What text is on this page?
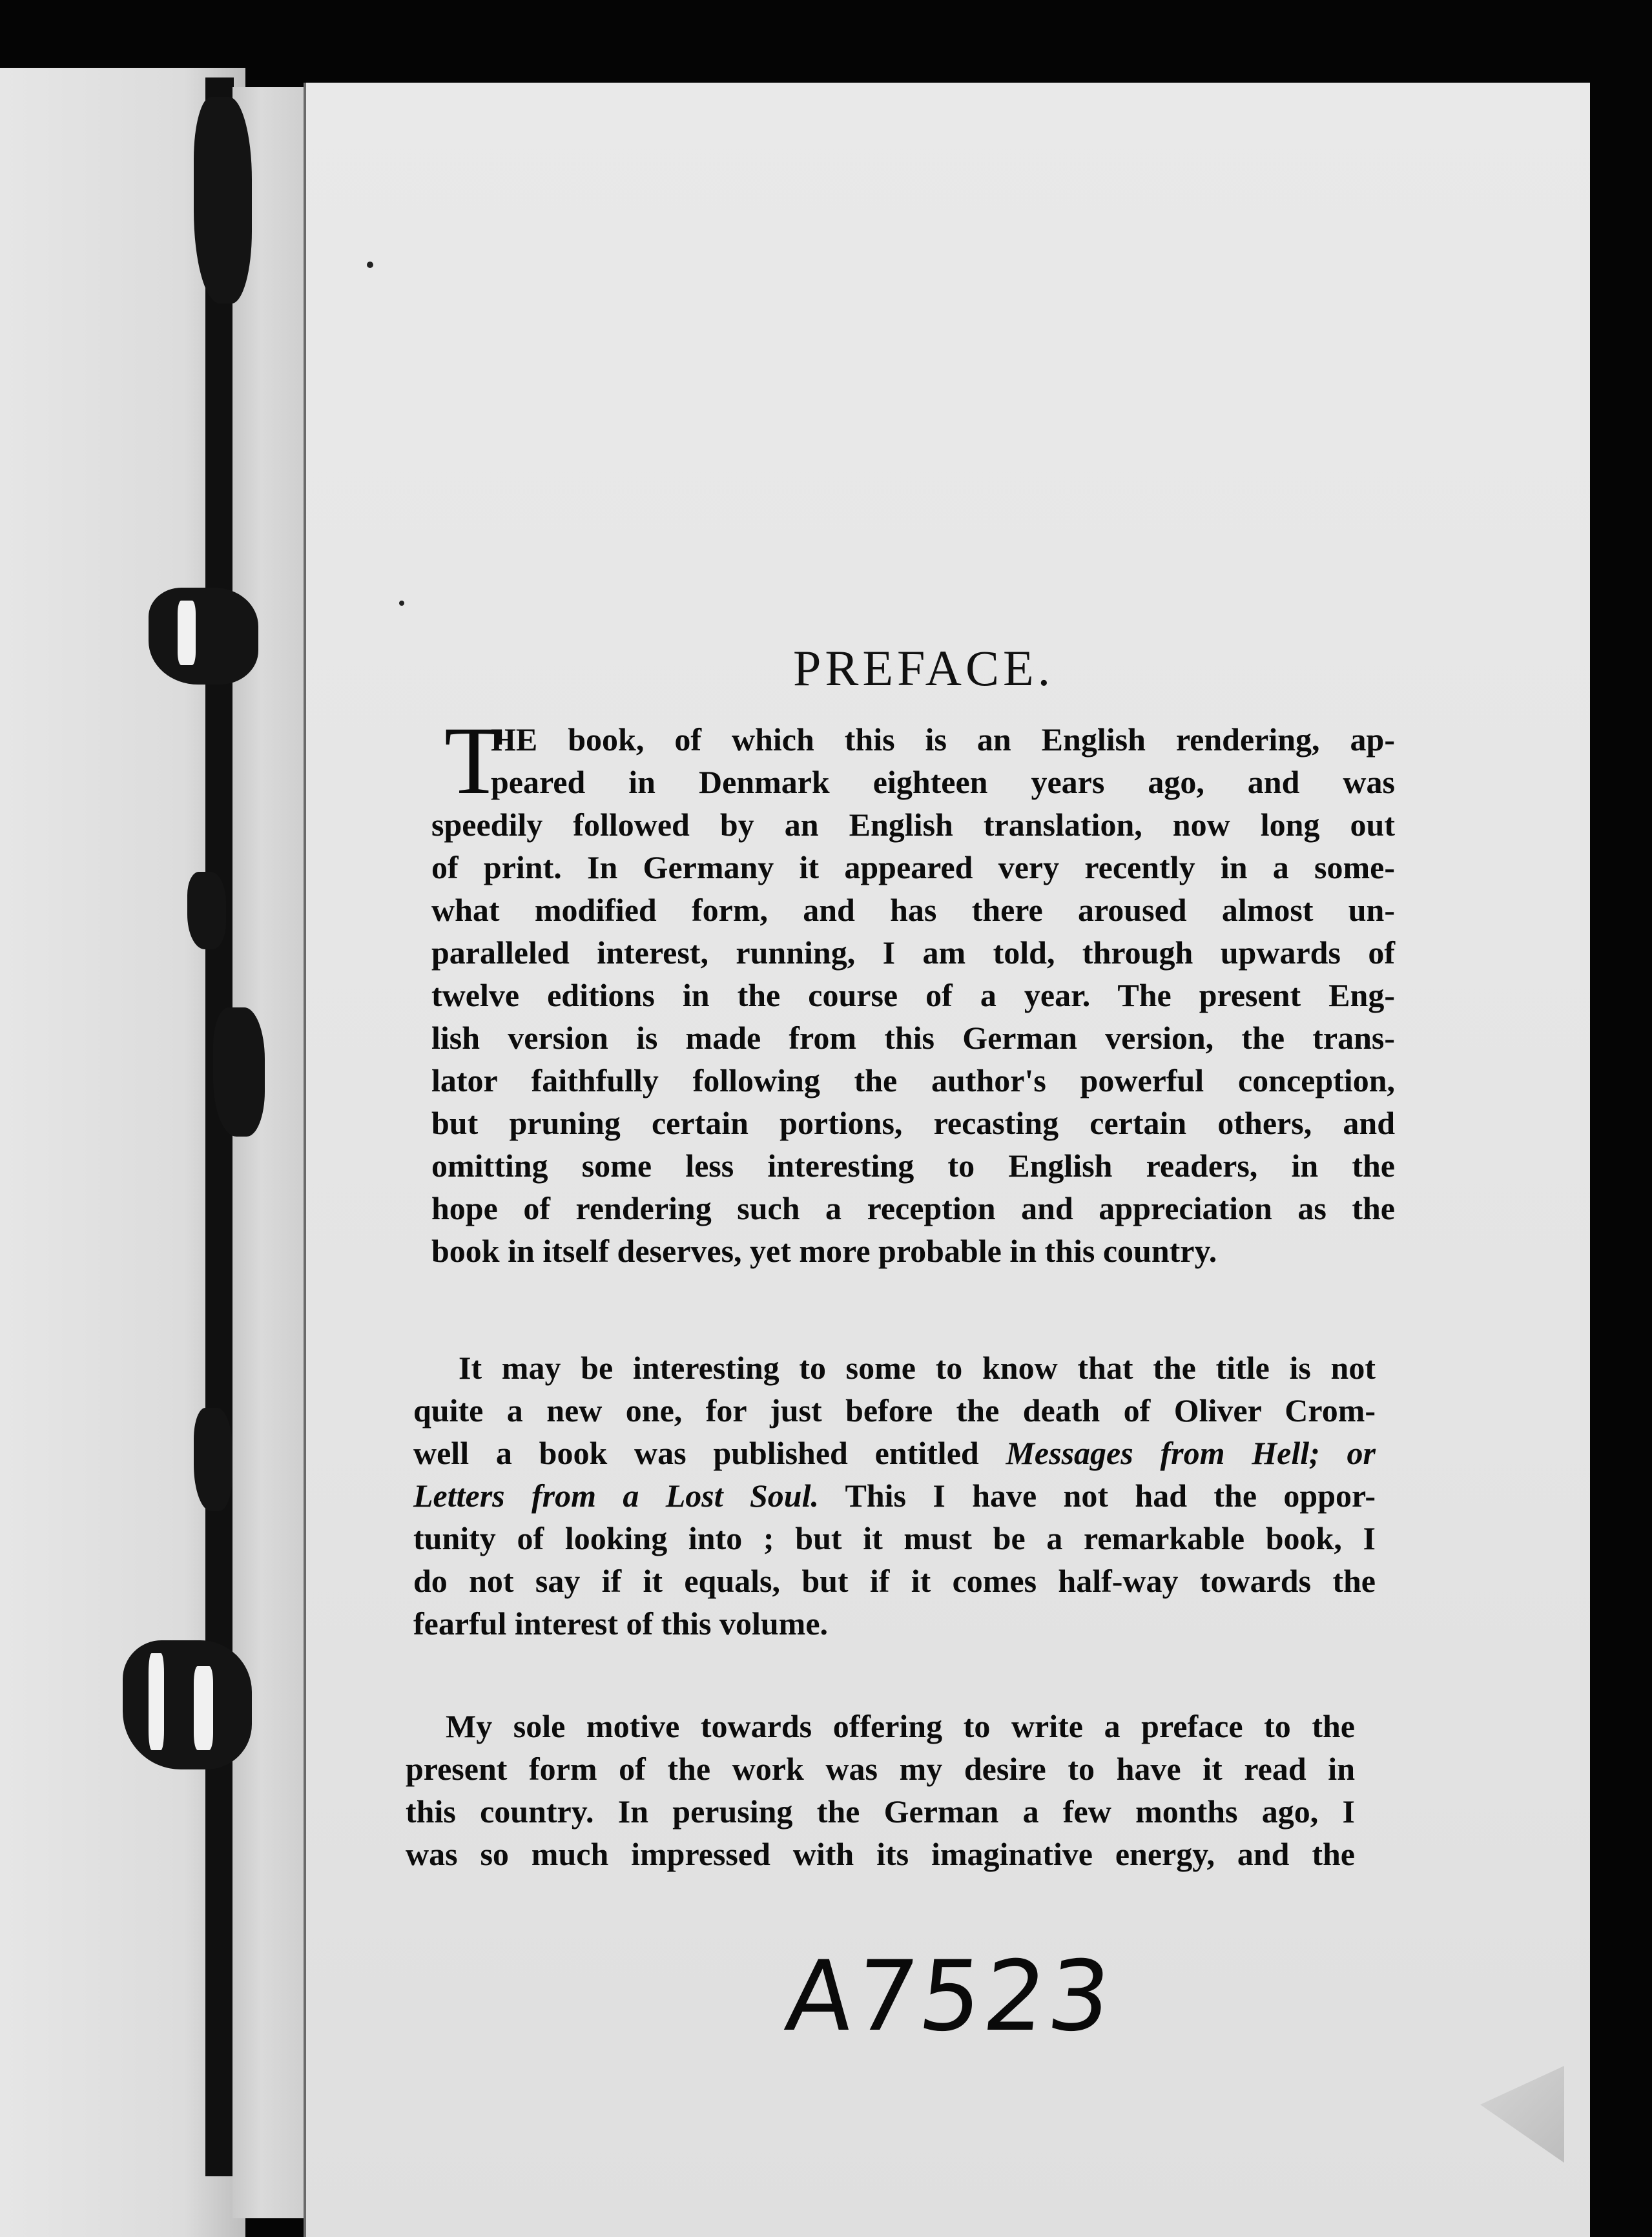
PREFACE.
T
HE book, of which this is an English rendering, ap-
peared in Denmark eighteen years ago, and was
speedily followed by an English translation, now long out
of print. In Germany it appeared very recently in a some-
what modified form, and has there aroused almost un-
paralleled interest, running, I am told, through upwards of
twelve editions in the course of a year. The present Eng-
lish version is made from this German version, the trans-
lator faithfully following the author's powerful conception,
but pruning certain portions, recasting certain others, and
omitting some less interesting to English readers, in the
hope of rendering such a reception and appreciation as the
book in itself deserves, yet more probable in this country.
It may be interesting to some to know that the title is not
quite a new one, for just before the death of Oliver Crom-
well a book was published entitled Messages from Hell; or
Letters from a Lost Soul. This I have not had the oppor-
tunity of looking into ; but it must be a remarkable book, I
do not say if it equals, but if it comes half-way towards the
fearful interest of this volume.
My sole motive towards offering to write a preface to the
present form of the work was my desire to have it read in
this country. In perusing the German a few months ago, I
was so much impressed with its imaginative energy, and the
A7523
